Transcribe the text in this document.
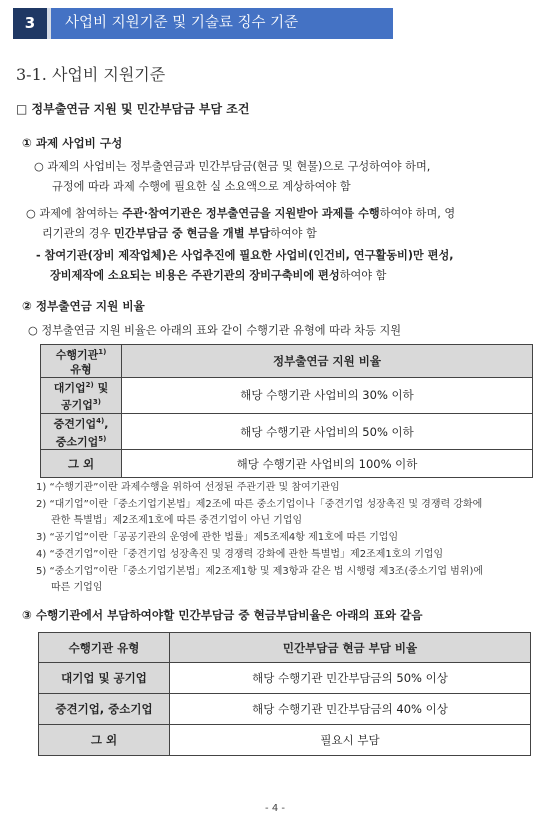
3	사업비 지원기준 및 기술료 징수 기준
3-1. 사업비 지원기준
□ 정부출연금 지원 및 민간부담금 부담 조건
① 과제 사업비 구성
○ 과제의 사업비는 정부출연금과 민간부담금(현금 및 현물)으로 구성하여야 하며,
규정에 따라 과제 수행에 필요한 실 소요액으로 계상하여야 함
○ 과제에 참여하는 주관·참여기관은 정부출연금을 지원받아 과제를 수행하여야 하며, 영
리기관의 경우 민간부담금 중 현금을 개별 부담하여야 함
- 참여기관(장비 제작업체)은 사업추진에 필요한 사업비(인건비, 연구활동비)만 편성,
장비제작에 소요되는 비용은 주관기관의 장비구축비에 편성하여야 함
② 정부출연금 지원 비율
○ 정부출연금 지원 비율은 아래의 표와 같이 수행기관 유형에 따라 차등 지원
수행기관$^{1)}$
유형	정부출연금 지원 비율
대기업$^{2)}$ 및
공기업$^{3)}$	해당 수행기관 사업비의 30% 이하
중견기업$^{4)}$,
중소기업$^{5)}$	해당 수행기관 사업비의 50% 이하
그 외	해당 수행기관 사업비의 100% 이하
1) “수행기관”이란 과제수행을 위하여 선정된 주관기관 및 참여기관임
2) “대기업”이란「중소기업기본법」제2조에 따른 중소기업이나「중견기업 성장촉진 및 경쟁력 강화에
관한 특별법」제2조제1호에 따른 중견기업이 아닌 기업임
3) “공기업”이란「공공기관의 운영에 관한 법률」제5조제4항 제1호에 따른 기업임
4) “중견기업”이란「중견기업 성장촉진 및 경쟁력 강화에 관한 특별법」제2조제1호의 기업임
5) “중소기업”이란「중소기업기본법」제2조제1항 및 제3항과 같은 법 시행령 제3조(중소기업 범위)에
따른 기업임
③ 수행기관에서 부담하여야할 민간부담금 중 현금부담비율은 아래의 표와 같음
수행기관 유형	민간부담금 현금 부담 비율
대기업 및 공기업	해당 수행기관 민간부담금의 50% 이상
중견기업, 중소기업	해당 수행기관 민간부담금의 40% 이상
그 외	필요시 부담
- 4 -
